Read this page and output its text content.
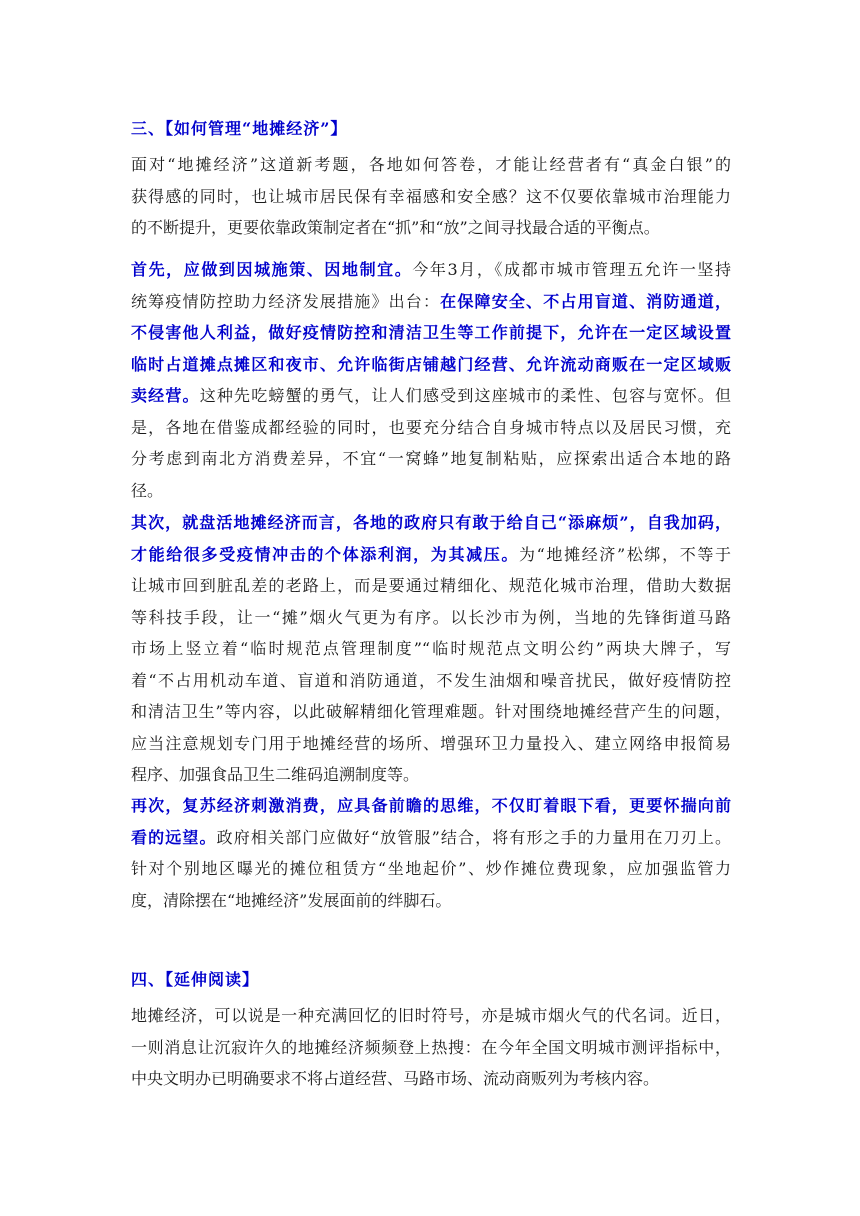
三、【如何管理“地摊经济”】
面对“地摊经济”这道新考题，各地如何答卷，才能让经营者有“真金白银”的
获得感的同时，也让城市居民保有幸福感和安全感？这不仅要依靠城市治理能力
的不断提升，更要依靠政策制定者在“抓”和“放”之间寻找最合适的平衡点。
首先，应做到因城施策、因地制宜。今年3月，《成都市城市管理五允许一坚持
统筹疫情防控助力经济发展措施》出台：在保障安全、不占用盲道、消防通道，
不侵害他人利益，做好疫情防控和清洁卫生等工作前提下，允许在一定区域设置
临时占道摊点摊区和夜市、允许临街店铺越门经营、允许流动商贩在一定区域贩
卖经营。这种先吃螃蟹的勇气，让人们感受到这座城市的柔性、包容与宽怀。但
是，各地在借鉴成都经验的同时，也要充分结合自身城市特点以及居民习惯，充
分考虑到南北方消费差异，不宜“一窝蜂”地复制粘贴，应探索出适合本地的路
径。
其次，就盘活地摊经济而言，各地的政府只有敢于给自己“添麻烦”，自我加码，
才能给很多受疫情冲击的个体添利润，为其减压。为“地摊经济”松绑，不等于
让城市回到脏乱差的老路上，而是要通过精细化、规范化城市治理，借助大数据
等科技手段，让一“摊”烟火气更为有序。以长沙市为例，当地的先锋街道马路
市场上竖立着“临时规范点管理制度”“临时规范点文明公约”两块大牌子，写
着“不占用机动车道、盲道和消防通道，不发生油烟和噪音扰民，做好疫情防控
和清洁卫生”等内容，以此破解精细化管理难题。针对围绕地摊经营产生的问题，
应当注意规划专门用于地摊经营的场所、增强环卫力量投入、建立网络申报简易
程序、加强食品卫生二维码追溯制度等。
再次，复苏经济刺激消费，应具备前瞻的思维，不仅盯着眼下看，更要怀揣向前
看的远望。政府相关部门应做好“放管服”结合，将有形之手的力量用在刀刃上。
针对个别地区曝光的摊位租赁方“坐地起价”、炒作摊位费现象，应加强监管力
度，清除摆在“地摊经济”发展面前的绊脚石。
四、【延伸阅读】
地摊经济，可以说是一种充满回忆的旧时符号，亦是城市烟火气的代名词。近日，
一则消息让沉寂许久的地摊经济频频登上热搜：在今年全国文明城市测评指标中，
中央文明办已明确要求不将占道经营、马路市场、流动商贩列为考核内容。
